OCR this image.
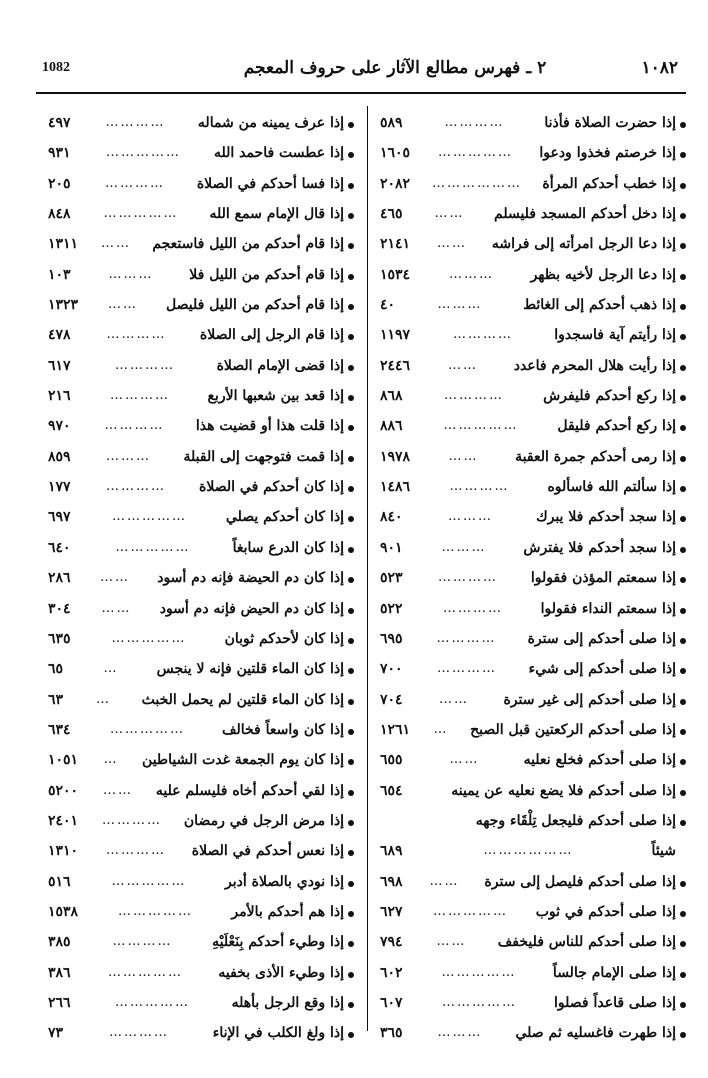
1082	٢ ـ فهرس مطالع الآثار على حروف المعجم	١٠٨٢
إذا حضرت الصلاة فأذنا
…………
٥٨٩
إذا خرصتم فخذوا ودعوا
……………
١٦٠٥
إذا خطب أحدكم المرأة
………………
٢٠٨٢
إذا دخل أحدكم المسجد فليسلم
……
٤٦٥
إذا دعا الرجل امرأته إلى فراشه
……
٢١٤١
إذا دعا الرجل لأخيه بظهر
………
١٥٣٤
إذا ذهب أحدكم إلى الغائط
………
٤٠
إذا رأيتم آية فاسجدوا
…………
١١٩٧
إذا رأيت هلال المحرم فاعدد
……
٢٤٤٦
إذا ركع أحدكم فليفرش
…………
٨٦٨
إذا ركع أحدكم فليقل
……………
٨٨٦
إذا رمى أحدكم جمرة العقبة
……
١٩٧٨
إذا سألتم الله فاسألوه
…………
١٤٨٦
إذا سجد أحدكم فلا يبرك
………
٨٤٠
إذا سجد أحدكم فلا يفترش
………
٩٠١
إذا سمعتم المؤذن فقولوا
…………
٥٢٣
إذا سمعتم النداء فقولوا
…………
٥٢٢
إذا صلى أحدكم إلى سترة
…………
٦٩٥
إذا صلى أحدكم إلى شيء
…………
٧٠٠
إذا صلى أحدكم إلى غير سترة
……
٧٠٤
إذا صلى أحدكم الركعتين قبل الصبح
…
١٢٦١
إذا صلى أحدكم فخلع نعليه
……
٦٥٥
إذا صلى أحدكم فلا يضع نعليه عن يمينه
٦٥٤
إذا صلى أحدكم فليجعل تِلْقَاء وجهه
شيئاً
………………
٦٨٩
إذا صلى أحدكم فليصل إلى سترة
……
٦٩٨
إذا صلى أحدكم في ثوب
……………
٦٢٧
إذا صلى أحدكم للناس فليخفف
……
٧٩٤
إذا صلى الإمام جالساً
……………
٦٠٢
إذا صلى قاعداً فصلوا
……………
٦٠٧
إذا طهرت فاغسليه ثم صلي
………
٣٦٥
إذا عرف يمينه من شماله
…………
٤٩٧
إذا عطست فاحمد الله
……………
٩٣١
إذا فسا أحدكم في الصلاة
…………
٢٠٥
إذا قال الإمام سمع الله
……………
٨٤٨
إذا قام أحدكم من الليل فاستعجم
……
١٣١١
إذا قام أحدكم من الليل فلا
………
١٠٣
إذا قام أحدكم من الليل فليصل
……
١٣٢٣
إذا قام الرجل إلى الصلاة
…………
٤٧٨
إذا قضى الإمام الصلاة
…………
٦١٧
إذا قعد بين شعبها الأربع
…………
٢١٦
إذا قلت هذا أو قضيت هذا
…………
٩٧٠
إذا قمت فتوجهت إلى القبلة
………
٨٥٩
إذا كان أحدكم في الصلاة
…………
١٧٧
إذا كان أحدكم يصلي
……………
٦٩٧
إذا كان الدرع سابغاً
……………
٦٤٠
إذا كان دم الحيضة فإنه دم أسود
……
٢٨٦
إذا كان دم الحيض فإنه دم أسود
……
٣٠٤
إذا كان لأحدكم ثوبان
……………
٦٣٥
إذا كان الماء قلتين فإنه لا ينجس
…
٦٥
إذا كان الماء قلتين لم يحمل الخبث
…
٦٣
إذا كان واسعاً فخالف
……………
٦٣٤
إذا كان يوم الجمعة غدت الشياطين
…
١٠٥١
إذا لقي أحدكم أخاه فليسلم عليه
……
٥٢٠٠
إذا مرض الرجل في رمضان
…………
٢٤٠١
إذا نعس أحدكم في الصلاة
…………
١٣١٠
إذا نودي بالصلاة أدبر
……………
٥١٦
إذا هم أحدكم بالأمر
……………
١٥٣٨
إذا وطيء أحدكم بِنَعْلَيْهِ
…………
٣٨٥
إذا وطيء الأذى بخفيه
……………
٣٨٦
إذا وقع الرجل بأهله
……………
٢٦٦
إذا ولغ الكلب في الإناء
…………
٧٣
